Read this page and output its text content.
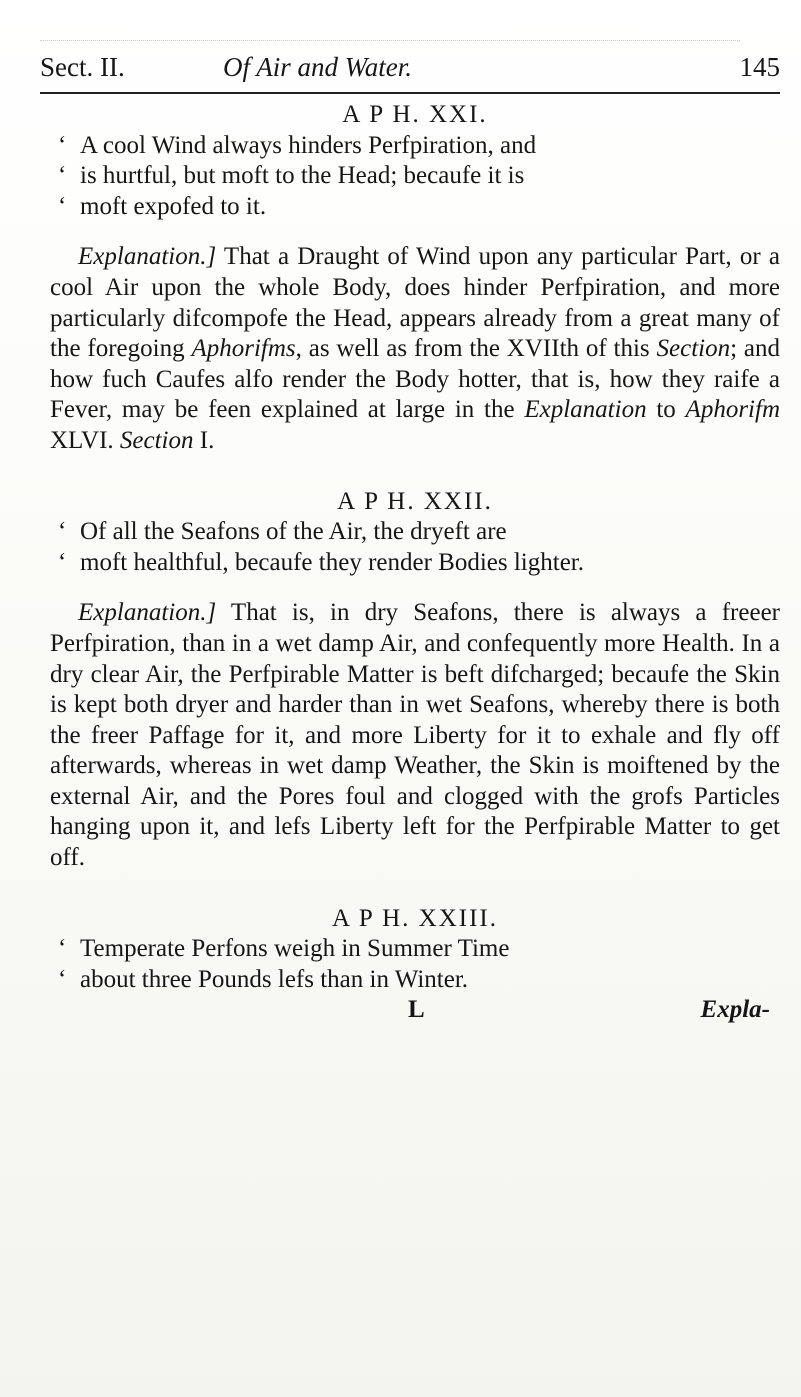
Sect. II.	Of Air and Water.	145
A P H. XXI.
‘ A cool Wind always hinders Perfpiration, and
‘ is hurtful, but moft to the Head; becaufe it is
‘ moft expofed to it.

Explanation.] That a Draught of Wind upon any particular Part, or a cool Air upon the whole Body, does hinder Perfpiration, and more particularly difcompofe the Head, appears already from a great many of the foregoing Aphorifms, as well as from the XVIIth of this Section; and how fuch Caufes alfo render the Body hotter, that is, how they raife a Fever, may be feen explained at large in the Explanation to Aphorifm XLVI. Section I.

A P H. XXII.
‘ Of all the Seafons of the Air, the dryeft are
‘ moft healthful, becaufe they render Bodies lighter.

Explanation.] That is, in dry Seafons, there is always a freeer Perfpiration, than in a wet damp Air, and confequently more Health. In a dry clear Air, the Perfpirable Matter is beft difcharged; becaufe the Skin is kept both dryer and harder than in wet Seafons, whereby there is both the freer Paffage for it, and more Liberty for it to exhale and fly off afterwards, whereas in wet damp Weather, the Skin is moiftened by the external Air, and the Pores foul and clogged with the grofs Particles hanging upon it, and lefs Liberty left for the Perfpirable Matter to get off.

A P H. XXIII.
‘ Temperate Perfons weigh in Summer Time
‘ about three Pounds lefs than in Winter.
L	Expla-
